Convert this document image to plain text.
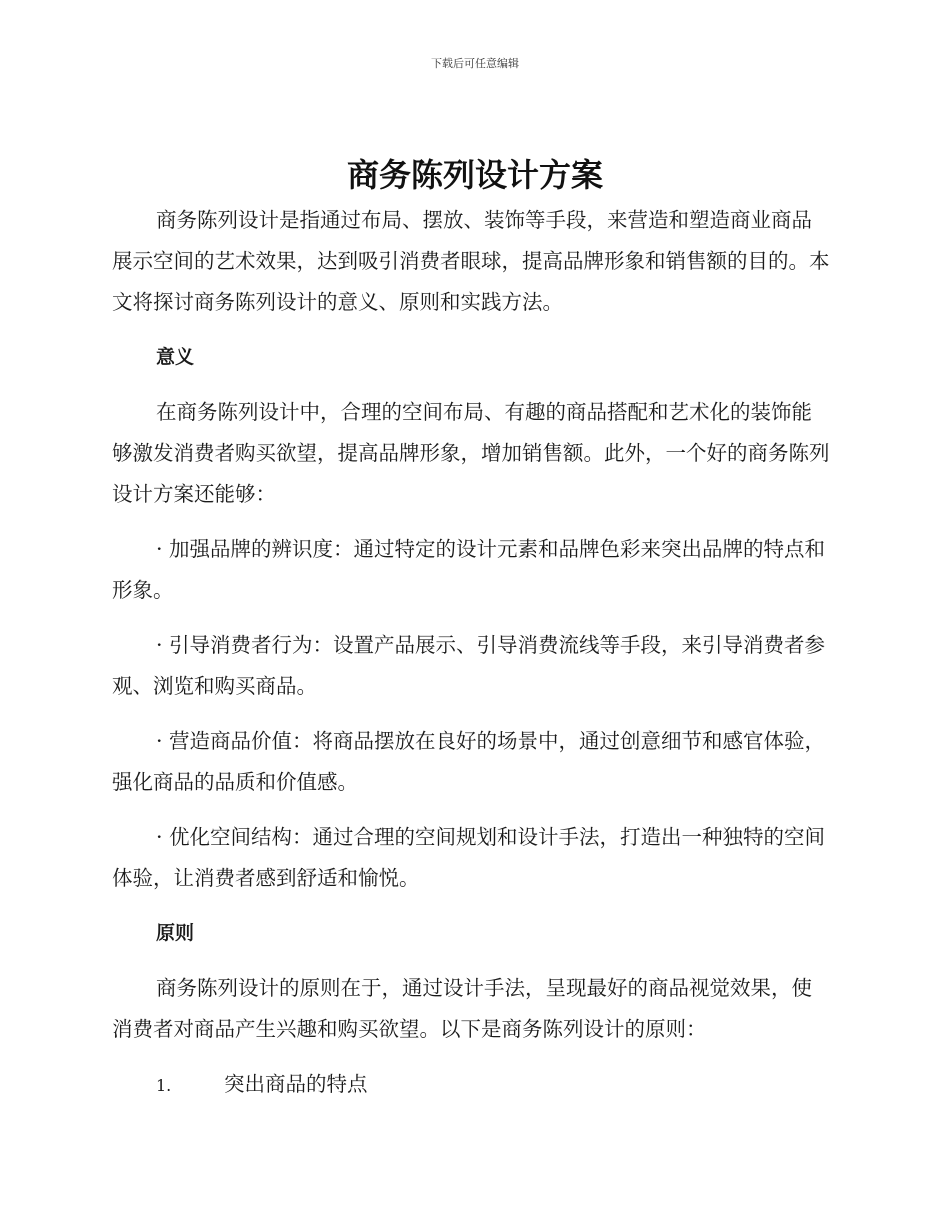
下载后可任意编辑
商务陈列设计方案

商务陈列设计是指通过布局、摆放、装饰等手段，来营造和塑造商业商品展示空间的艺术效果，达到吸引消费者眼球，提高品牌形象和销售额的目的。本文将探讨商务陈列设计的意义、原则和实践方法。

意义

在商务陈列设计中，合理的空间布局、有趣的商品搭配和艺术化的装饰能够激发消费者购买欲望，提高品牌形象，增加销售额。此外，一个好的商务陈列设计方案还能够：

· 加强品牌的辨识度：通过特定的设计元素和品牌色彩来突出品牌的特点和形象。

· 引导消费者行为：设置产品展示、引导消费流线等手段，来引导消费者参观、浏览和购买商品。

· 营造商品价值：将商品摆放在良好的场景中，通过创意细节和感官体验，强化商品的品质和价值感。

· 优化空间结构：通过合理的空间规划和设计手法，打造出一种独特的空间体验，让消费者感到舒适和愉悦。

原则

商务陈列设计的原则在于，通过设计手法，呈现最好的商品视觉效果，使消费者对商品产生兴趣和购买欲望。以下是商务陈列设计的原则：

1.	突出商品的特点
